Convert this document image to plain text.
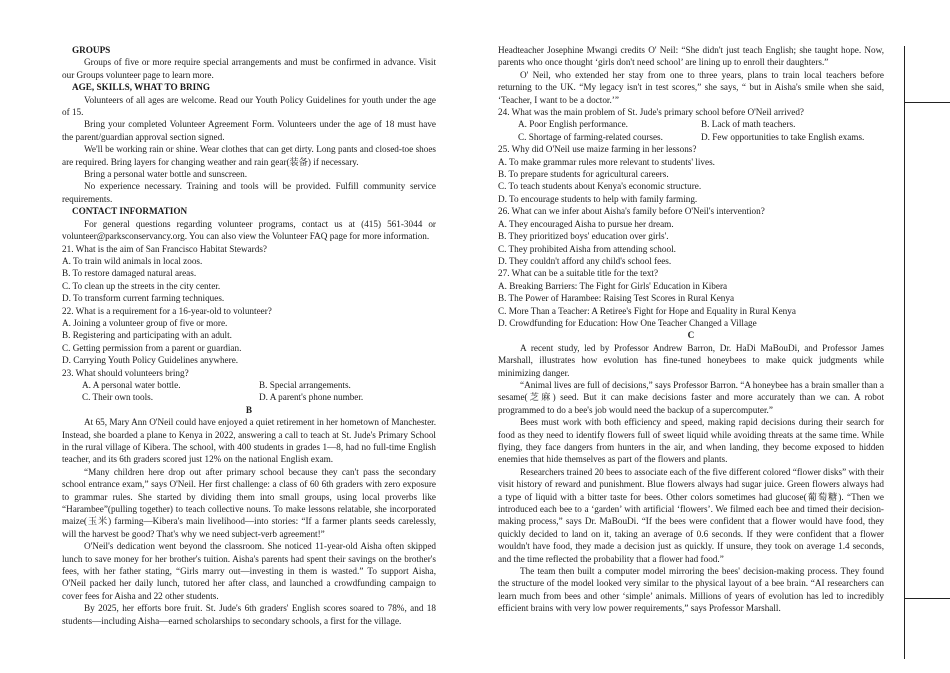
GROUPS

Groups of five or more require special arrangements and must be confirmed in advance. Visit our Groups volunteer page to learn more.

AGE, SKILLS, WHAT TO BRING

Volunteers of all ages are welcome. Read our Youth Policy Guidelines for youth under the age of 15.

Bring your completed Volunteer Agreement Form. Volunteers under the age of 18 must have the parent/guardian approval section signed.

We'll be working rain or shine. Wear clothes that can get dirty. Long pants and closed-toe shoes are required. Bring layers for changing weather and rain gear(装备) if necessary.

Bring a personal water bottle and sunscreen.

No experience necessary. Training and tools will be provided. Fulfill community service requirements.

CONTACT INFORMATION

For general questions regarding volunteer programs, contact us at (415) 561-3044 or volunteer@parksconservancy.org. You can also view the Volunteer FAQ page for more information.

21. What is the aim of San Francisco Habitat Stewards?

A. To train wild animals in local zoos.

B. To restore damaged natural areas.

C. To clean up the streets in the city center.

D. To transform current farming techniques.

22. What is a requirement for a 16-year-old to volunteer?

A. Joining a volunteer group of five or more.

B. Registering and participating with an adult.

C. Getting permission from a parent or guardian.

D. Carrying Youth Policy Guidelines anywhere.

23. What should volunteers bring?

A. A personal water bottle.	B. Special arrangements.
C. Their own tools.	D. A parent's phone number.

B

At 65, Mary Ann O'Neil could have enjoyed a quiet retirement in her hometown of Manchester. Instead, she boarded a plane to Kenya in 2022, answering a call to teach at St. Jude's Primary School in the rural village of Kibera. The school, with 400 students in grades 1—8, had no full-time English teacher, and its 6th graders scored just 12% on the national English exam.

“Many children here drop out after primary school because they can't pass the secondary school entrance exam,” says O'Neil. Her first challenge: a class of 60 6th graders with zero exposure to grammar rules. She started by dividing them into small groups, using local proverbs like “Harambee”(pulling together) to teach collective nouns. To make lessons relatable, she incorporated maize(玉米) farming—Kibera's main livelihood—into stories: “If a farmer plants seeds carelessly, will the harvest be good? That's why we need subject-verb agreement!”

O'Neil's dedication went beyond the classroom. She noticed 11-year-old Aisha often skipped lunch to save money for her brother's tuition. Aisha's parents had spent their savings on the brother's fees, with her father stating, “Girls marry out—investing in them is wasted.” To support Aisha, O'Neil packed her daily lunch, tutored her after class, and launched a crowdfunding campaign to cover fees for Aisha and 22 other students.

By 2025, her efforts bore fruit. St. Jude's 6th graders' English scores soared to 78%, and 18 students—including Aisha—earned scholarships to secondary schools, a first for the village.

Headteacher Josephine Mwangi credits O' Neil: “She didn't just teach English; she taught hope. Now, parents who once thought ‘girls don't need school’ are lining up to enroll their daughters.”

O' Neil, who extended her stay from one to three years, plans to train local teachers before returning to the UK. “My legacy isn't in test scores,” she says, “ but in Aisha's smile when she said, ‘Teacher, I want to be a doctor.’”

24. What was the main problem of St. Jude's primary school before O'Neil arrived?

A. Poor English performance.	B. Lack of math teachers.
C. Shortage of farming-related courses.	D. Few opportunities to take English exams.

25. Why did O'Neil use maize farming in her lessons?

A. To make grammar rules more relevant to students' lives.

B. To prepare students for agricultural careers.

C. To teach students about Kenya's economic structure.

D. To encourage students to help with family farming.

26. What can we infer about Aisha's family before O'Neil's intervention?

A. They encouraged Aisha to pursue her dream.

B. They prioritized boys' education over girls'.

C. They prohibited Aisha from attending school.

D. They couldn't afford any child's school fees.

27. What can be a suitable title for the text?

A. Breaking Barriers: The Fight for Girls' Education in Kibera

B. The Power of Harambee: Raising Test Scores in Rural Kenya

C. More Than a Teacher: A Retiree's Fight for Hope and Equality in Rural Kenya

D. Crowdfunding for Education: How One Teacher Changed a Village

C

A recent study, led by Professor Andrew Barron, Dr. HaDi MaBouDi, and Professor James Marshall, illustrates how evolution has fine-tuned honeybees to make quick judgments while minimizing danger.

“Animal lives are full of decisions,” says Professor Barron. “A honeybee has a brain smaller than a sesame(芝麻) seed. But it can make decisions faster and more accurately than we can. A robot programmed to do a bee's job would need the backup of a supercomputer.”

Bees must work with both efficiency and speed, making rapid decisions during their search for food as they need to identify flowers full of sweet liquid while avoiding threats at the same time. While flying, they face dangers from hunters in the air, and when landing, they become exposed to hidden enemies that hide themselves as part of the flowers and plants.

Researchers trained 20 bees to associate each of the five different colored “flower disks” with their visit history of reward and punishment. Blue flowers always had sugar juice. Green flowers always had a type of liquid with a bitter taste for bees. Other colors sometimes had glucose(葡萄糖). “Then we introduced each bee to a ‘garden’ with artificial ‘flowers’. We filmed each bee and timed their decision-making process,” says Dr. MaBouDi. “If the bees were confident that a flower would have food, they quickly decided to land on it, taking an average of 0.6 seconds. If they were confident that a flower wouldn't have food, they made a decision just as quickly. If unsure, they took on average 1.4 seconds, and the time reflected the probability that a flower had food.”

The team then built a computer model mirroring the bees' decision-making process. They found the structure of the model looked very similar to the physical layout of a bee brain. “AI researchers can learn much from bees and other ‘simple’ animals. Millions of years of evolution has led to incredibly efficient brains with very low power requirements,” says Professor Marshall.
